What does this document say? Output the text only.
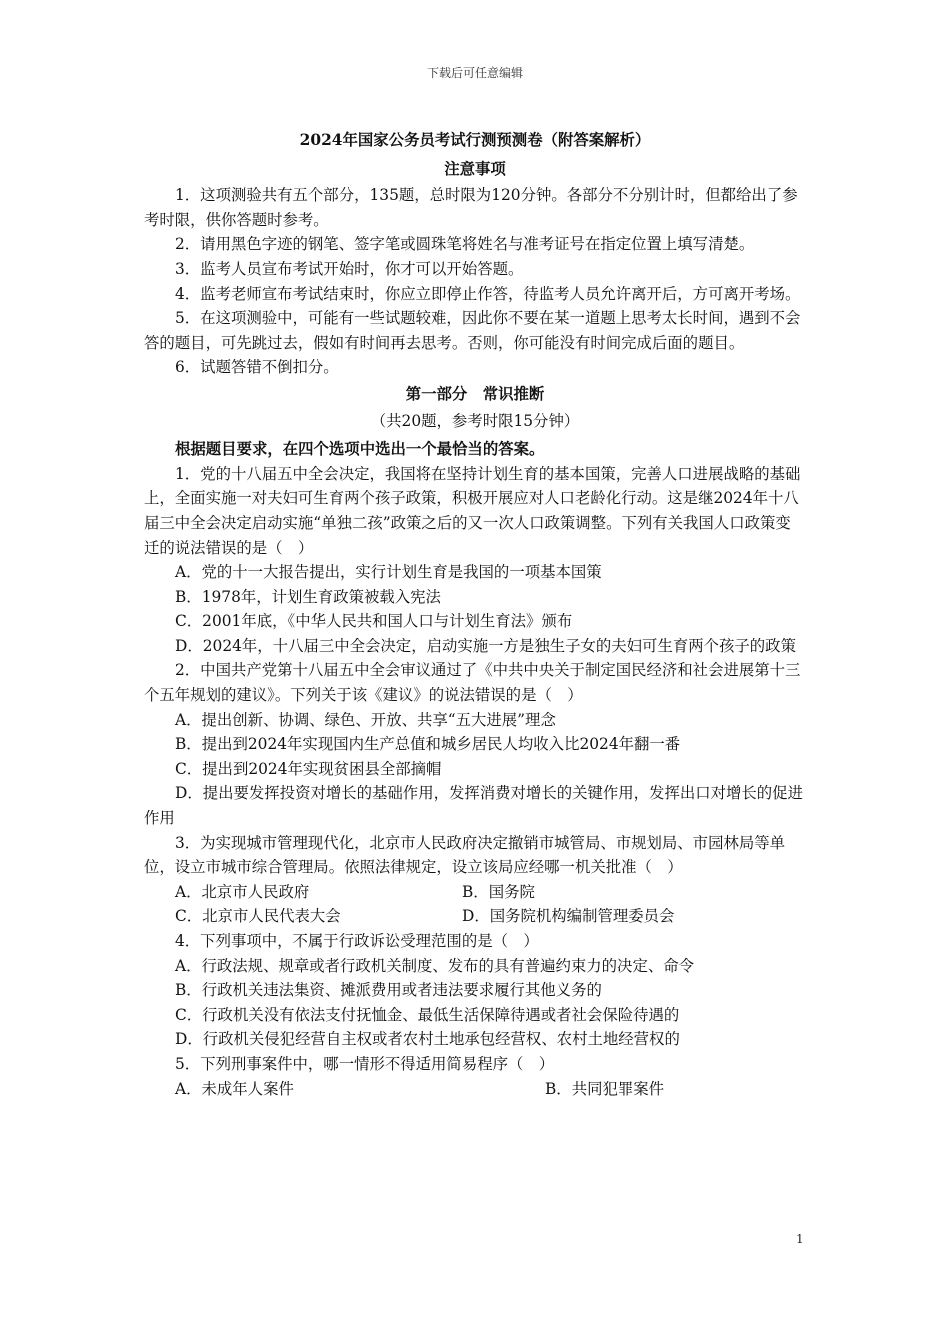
下载后可任意编辑

2024年国家公务员考试行测预测卷（附答案解析）

注意事项

1．这项测验共有五个部分，135题，总时限为120分钟。各部分不分别计时，但都给出了参考时限，供你答题时参考。

2．请用黑色字迹的钢笔、签字笔或圆珠笔将姓名与准考证号在指定位置上填写清楚。

3．监考人员宣布考试开始时，你才可以开始答题。

4．监考老师宣布考试结束时，你应立即停止作答，待监考人员允许离开后，方可离开考场。

5．在这项测验中，可能有一些试题较难，因此你不要在某一道题上思考太长时间，遇到不会答的题目，可先跳过去，假如有时间再去思考。否则，你可能没有时间完成后面的题目。

6．试题答错不倒扣分。

第一部分　常识推断

（共20题，参考时限15分钟）

根据题目要求，在四个选项中选出一个最恰当的答案。

1．党的十八届五中全会决定，我国将在坚持计划生育的基本国策，完善人口进展战略的基础上，全面实施一对夫妇可生育两个孩子政策，积极开展应对人口老龄化行动。这是继2024年十八届三中全会决定启动实施“单独二孩”政策之后的又一次人口政策调整。下列有关我国人口政策变迁的说法错误的是（　）

A．党的十一大报告提出，实行计划生育是我国的一项基本国策

B．1978年，计划生育政策被载入宪法

C．2001年底，《中华人民共和国人口与计划生育法》颁布

D．2024年，十八届三中全会决定，启动实施一方是独生子女的夫妇可生育两个孩子的政策

2．中国共产党第十八届五中全会审议通过了《中共中央关于制定国民经济和社会进展第十三个五年规划的建议》。下列关于该《建议》的说法错误的是（　）

A．提出创新、协调、绿色、开放、共享“五大进展”理念

B．提出到2024年实现国内生产总值和城乡居民人均收入比2024年翻一番

C．提出到2024年实现贫困县全部摘帽

D．提出要发挥投资对增长的基础作用，发挥消费对增长的关键作用，发挥出口对增长的促进作用

3．为实现城市管理现代化，北京市人民政府决定撤销市城管局、市规划局、市园林局等单位，设立市城市综合管理局。依照法律规定，设立该局应经哪一机关批准（　）

A．北京市人民政府	B．国务院
C．北京市人民代表大会	D．国务院机构编制管理委员会

4．下列事项中，不属于行政诉讼受理范围的是（　）

A．行政法规、规章或者行政机关制度、发布的具有普遍约束力的决定、命令

B．行政机关违法集资、摊派费用或者违法要求履行其他义务的

C．行政机关没有依法支付抚恤金、最低生活保障待遇或者社会保险待遇的

D．行政机关侵犯经营自主权或者农村土地承包经营权、农村土地经营权的

5．下列刑事案件中，哪一情形不得适用简易程序（　）

A．未成年人案件	B．共同犯罪案件
1
